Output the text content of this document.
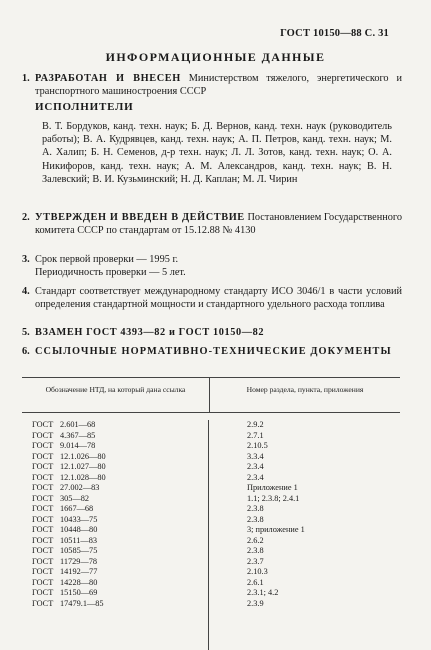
ГОСТ 10150—88 С. 31
ИНФОРМАЦИОННЫЕ ДАННЫЕ
1. РАЗРАБОТАН И ВНЕСЕН Министерством тяжелого, энергетического и транспортного машиностроения СССР
ИСПОЛНИТЕЛИ
В. Т. Бордуков, канд. техн. наук; Б. Д. Вернов, канд. техн. наук (руководитель работы); В. А. Кудрявцев, канд. техн. наук; А. П. Петров, канд. техн. наук; М. А. Халип; Б. Н. Семенов, д-р техн. наук; Л. Л. Зотов, канд. техн. наук; О. А. Никифоров, канд. техн. наук; А. М. Александров, канд. техн. наук; В. Н. Залевский; В. И. Кузьминский; Н. Д. Каплан; М. Л. Чирин
2. УТВЕРЖДЕН И ВВЕДЕН В ДЕЙСТВИЕ Постановлением Государственного комитета СССР по стандартам от 15.12.88 № 4130
3. Срок первой проверки — 1995 г.
Периодичность проверки — 5 лет.
4. Стандарт соответствует международному стандарту ИСО 3046/1 в части условий определения стандартной мощности и стандартного удельного расхода топлива
5. ВЗАМЕН ГОСТ 4393—82 и ГОСТ 10150—82
6. ССЫЛОЧНЫЕ НОРМАТИВНО-ТЕХНИЧЕСКИЕ ДОКУМЕНТЫ
Обозначение НТД, на который дана ссылка	Номер раздела, пункта, приложения
ГОСТ 2.601—68
ГОСТ 4.367—85
ГОСТ 9.014—78
ГОСТ 12.1.026—80
ГОСТ 12.1.027—80
ГОСТ 12.1.028—80
ГОСТ 27.002—83
ГОСТ 305—82
ГОСТ 1667—68
ГОСТ 10433—75
ГОСТ 10448—80
ГОСТ 10511—83
ГОСТ 10585—75
ГОСТ 11729—78
ГОСТ 14192—77
ГОСТ 14228—80
ГОСТ 15150—69
ГОСТ 17479.1—85
2.9.2
2.7.1
2.10.5
3.3.4
2.3.4
2.3.4
Приложение 1
1.1; 2.3.8; 2.4.1
2.3.8
2.3.8
3; приложение 1
2.6.2
2.3.8
2.3.7
2.10.3
2.6.1
2.3.1; 4.2
2.3.9
